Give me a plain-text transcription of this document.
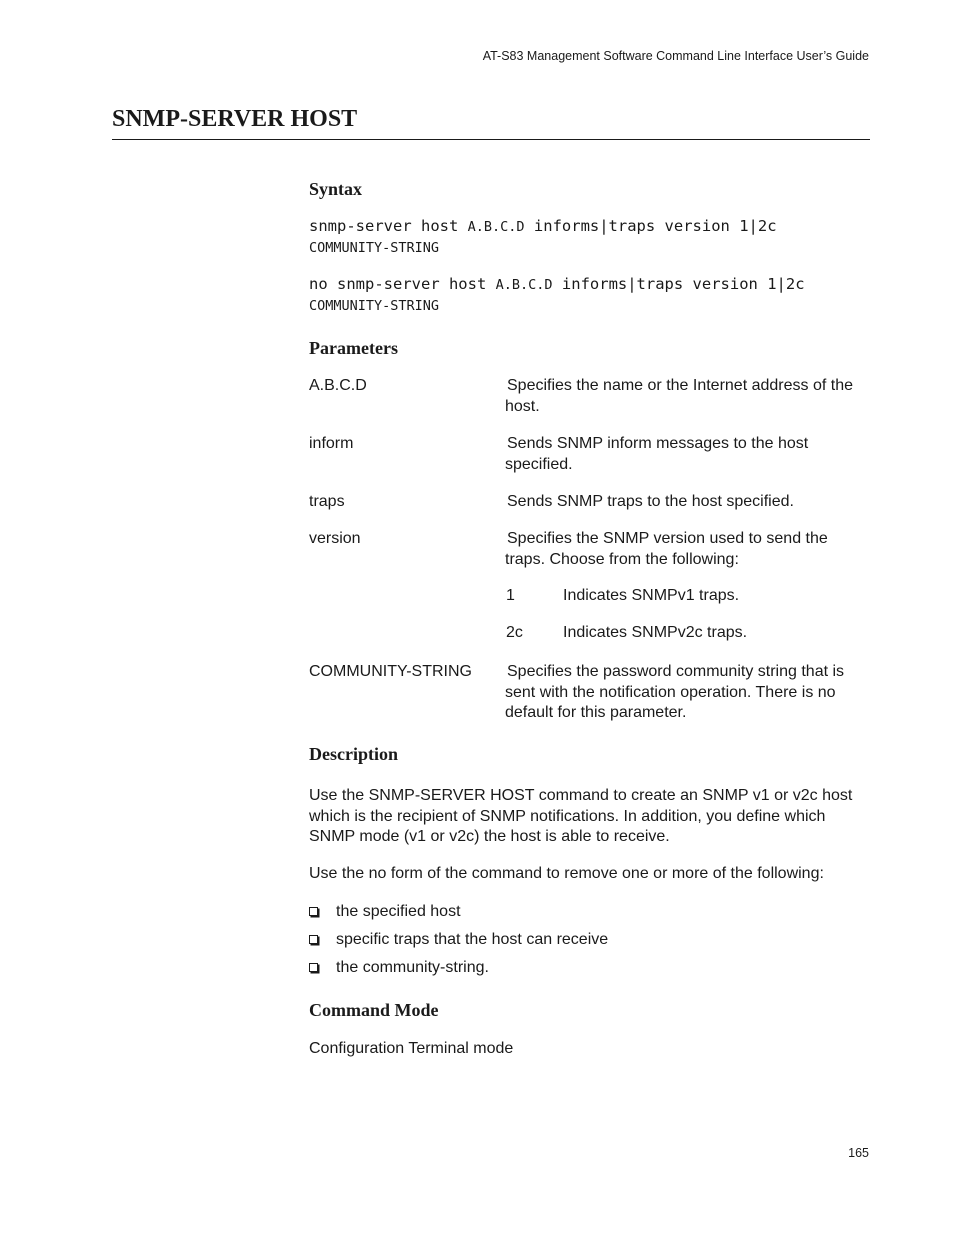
AT-S83 Management Software Command Line Interface User’s Guide
SNMP-SERVER HOST
Syntax
snmp-server host A.B.C.D informs|traps version 1|2c
COMMUNITY-STRING
no snmp-server host A.B.C.D informs|traps version 1|2c
COMMUNITY-STRING
Parameters
A.B.C.D	Specifies the name or the Internet address of the host.
inform	Sends SNMP inform messages to the host specified.
traps	Sends SNMP traps to the host specified.
version	Specifies the SNMP version used to send the traps. Choose from the following:
1	Indicates SNMPv1 traps.
2c	Indicates SNMPv2c traps.
COMMUNITY-STRING Specifies the password community string that is sent with the notification operation. There is no default for this parameter.
Description

Use the SNMP-SERVER HOST command to create an SNMP v1 or v2c host which is the recipient of SNMP notifications. In addition, you define which SNMP mode (v1 or v2c) the host is able to receive.

Use the no form of the command to remove one or more of the following:

the specified host
specific traps that the host can receive
the community-string.
Command Mode

Configuration Terminal mode

165
